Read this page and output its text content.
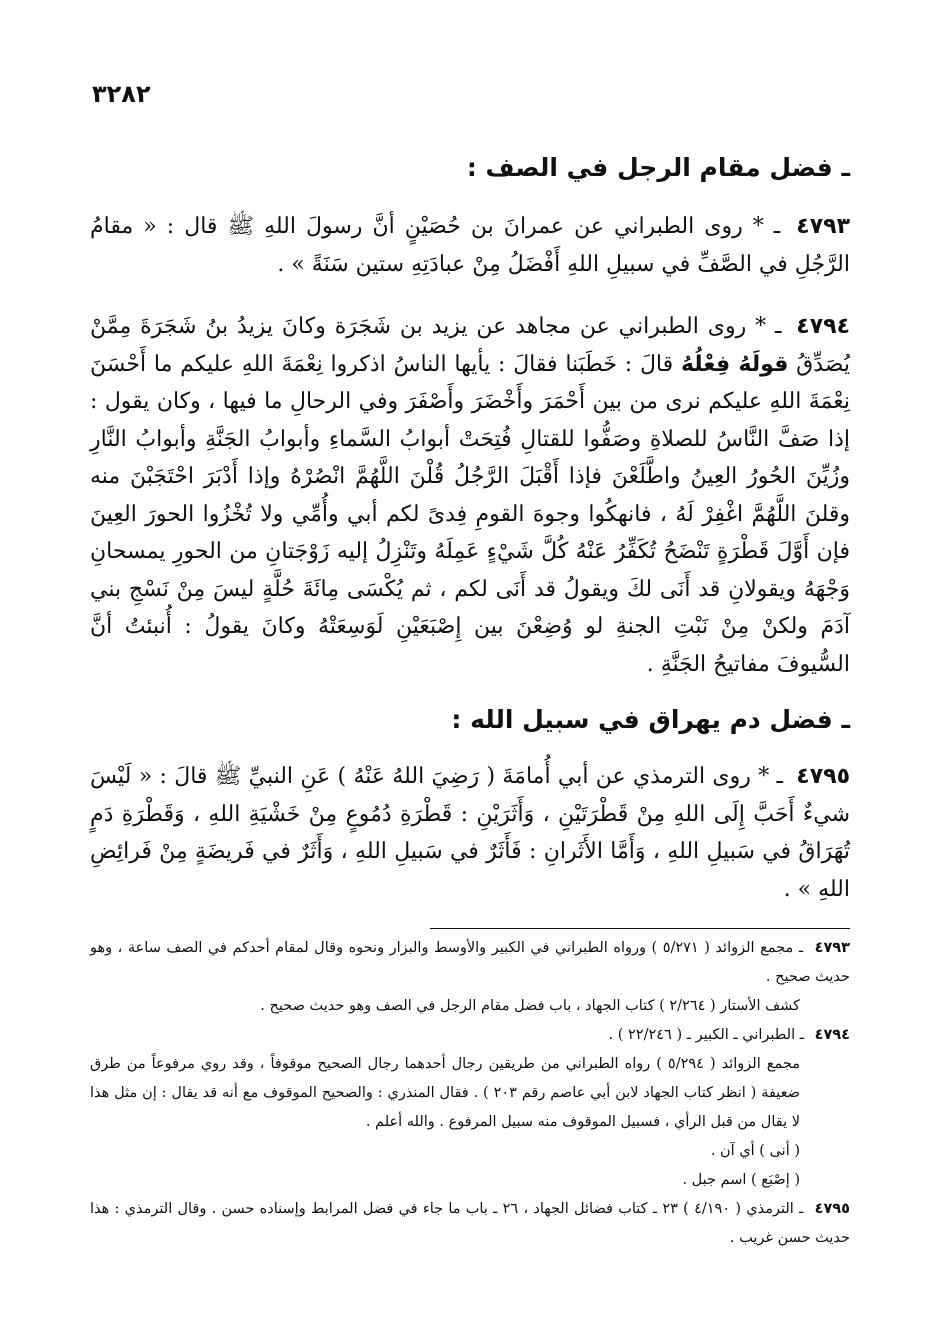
٣٢٨٢
ـ فضل مقام الرجل في الصف :

٤٧٩٣ ـ * روى الطبراني عن عمرانَ بن حُصَيْنٍ أنَّ رسولَ اللهِ ﷺ قال : « مقامُ الرَّجُلِ في الصَّفِّ في سبيلِ اللهِ أَفْضَلُ مِنْ عبادَتِهِ ستين سَنَةً » .

٤٧٩٤ ـ * روى الطبراني عن مجاهد عن يزيد بن شَجَرَة وكانَ يزيدُ بنُ شَجَرَةَ مِمَّنْ يُصَدِّقُ قولَهُ فِعْلُهُ قالَ : خَطَبَنا فقالَ : يأيها الناسُ اذكروا نِعْمَةَ اللهِ عليكم ما أَحْسَنَ نِعْمَةَ اللهِ عليكم نرى من بين أَحْمَرَ وأَخْضَرَ وأَصْفَرَ وفي الرحالِ ما فيها ، وكان يقول : إذا صَفَّ النَّاسُ للصلاةِ وصَفُّوا للقتالِ فُتِحَتْ أبوابُ السَّماءِ وأبوابُ الجَنَّةِ وأبوابُ النَّارِ وزُيِّنَ الحُورُ العِينُ واطَّلَعْنَ فإذا أَقْبَلَ الرَّجُلُ قُلْنَ اللَّهُمَّ انْصُرْهُ وإذا أَدْبَرَ احْتَجَبْنَ منه وقلنَ اللَّهُمَّ اغْفِرْ لَهُ ، فانهكُوا وجوهَ القومِ فِدىً لكم أبي وأُمِّي ولا تُخْزُوا الحورَ العِينَ فإن أَوَّلَ قَطْرَةٍ تَنْضَحُ تُكَفِّرُ عَنْهُ كُلَّ شَيْءٍ عَمِلَهُ وتَنْزِلُ إليه زَوْجَتانِ من الحورِ يمسحانِ وَجْهَهُ ويقولانِ قد أَنَى لكَ ويقولُ قد أَنَى لكم ، ثم يُكْسَى مِائَةَ حُلَّةٍ ليسَ مِنْ نَسْجِ بني آدَمَ ولكنْ مِنْ نَبْتِ الجنةِ لو وُضِعْنَ بين إِصْبَعَيْنِ لَوَسِعَتْهُ وكانَ يقولُ : أُنبئتُ أنَّ السُّيوفَ مفاتيحُ الجَنَّةِ .

ـ فضل دم يهراق في سبيل الله :

٤٧٩٥ ـ * روى الترمذي عن أبي أُمامَةَ ( رَضِيَ اللهُ عَنْهُ ) عَنِ النبيِّ ﷺ قالَ : « لَيْسَ شيءٌ أَحَبَّ إِلَى اللهِ مِنْ قَطْرَتَيْنِ ، وَأَثَرَيْنِ : قَطْرَةِ دُمُوعٍ مِنْ خَشْيَةِ اللهِ ، وَقَطْرَةِ دَمٍ تُهَرَاقُ في سَبيلِ اللهِ ، وَأَمَّا الأَثَرانِ : فَأَثَرٌ في سَبيلِ اللهِ ، وَأَثَرٌ في فَريضَةٍ مِنْ فَرائِضِ اللهِ » .

٤٧٩٣ ـ مجمع الزوائد ( ٥/٢٧١ ) ورواه الطبراني في الكبير والأوسط والبزار ونحوه وقال لمقام أحدكم في الصف ساعة ، وهو حديث صحيح .

كشف الأستار ( ٢/٢٦٤ ) كتاب الجهاد ، باب فضل مقام الرجل في الصف وهو حديث صحيح .

٤٧٩٤ ـ الطبراني ـ الكبير ـ ( ٢٢/٢٤٦ ) .

مجمع الزوائد ( ٥/٢٩٤ ) رواه الطبراني من طريقين رجال أحدهما رجال الصحيح موقوفاً ، وقد روي مرفوعاً من طرق ضعيفة ( انظر كتاب الجهاد لابن أبي عاصم رقم ٢٠٣ ) . فقال المنذري : والصحيح الموقوف مع أنه قد يقال : إن مثل هذا لا يقال من قبل الرأي ، فسبيل الموقوف منه سبيل المرفوع . والله أعلم .

( أنى ) أي آن .

( إصْبَع ) اسم جبل .

٤٧٩٥ ـ الترمذي ( ٤/١٩٠ ) ٢٣ ـ كتاب فضائل الجهاد ، ٢٦ ـ باب ما جاء في فضل المرابط وإسناده حسن . وقال الترمذي : هذا حديث حسن غريب .
